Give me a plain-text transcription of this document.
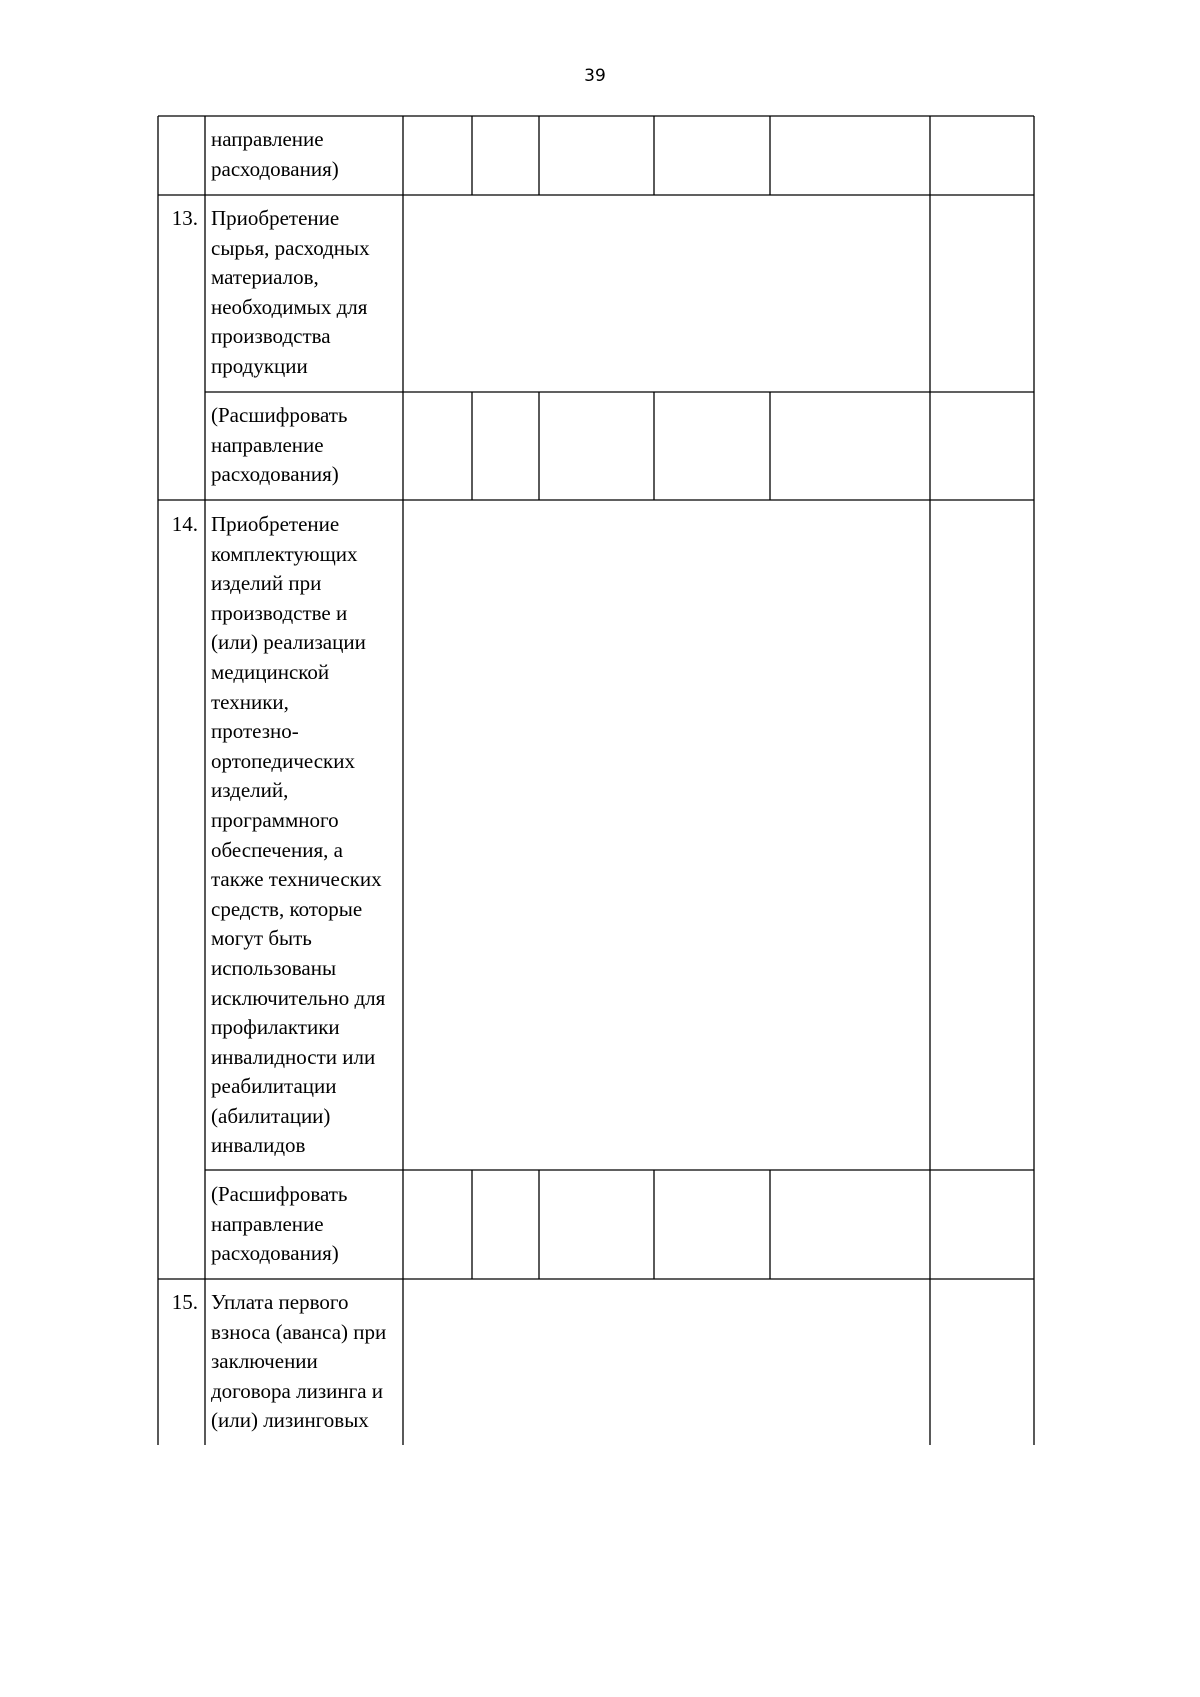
39
направление
расходования)
13. Приобретение
сырья, расходных
материалов,
необходимых для
производства
продукции
(Расшифровать
направление
расходования)
14. Приобретение
комплектующих
изделий при
производстве и
(или) реализации
медицинской
техники,
протезно-
ортопедических
изделий,
программного
обеспечения, а
также технических
средств, которые
могут быть
использованы
исключительно для
профилактики
инвалидности или
реабилитации
(абилитации)
инвалидов
(Расшифровать
направление
расходования)
15. Уплата первого
взноса (аванса) при
заключении
договора лизинга и
(или) лизинговых
